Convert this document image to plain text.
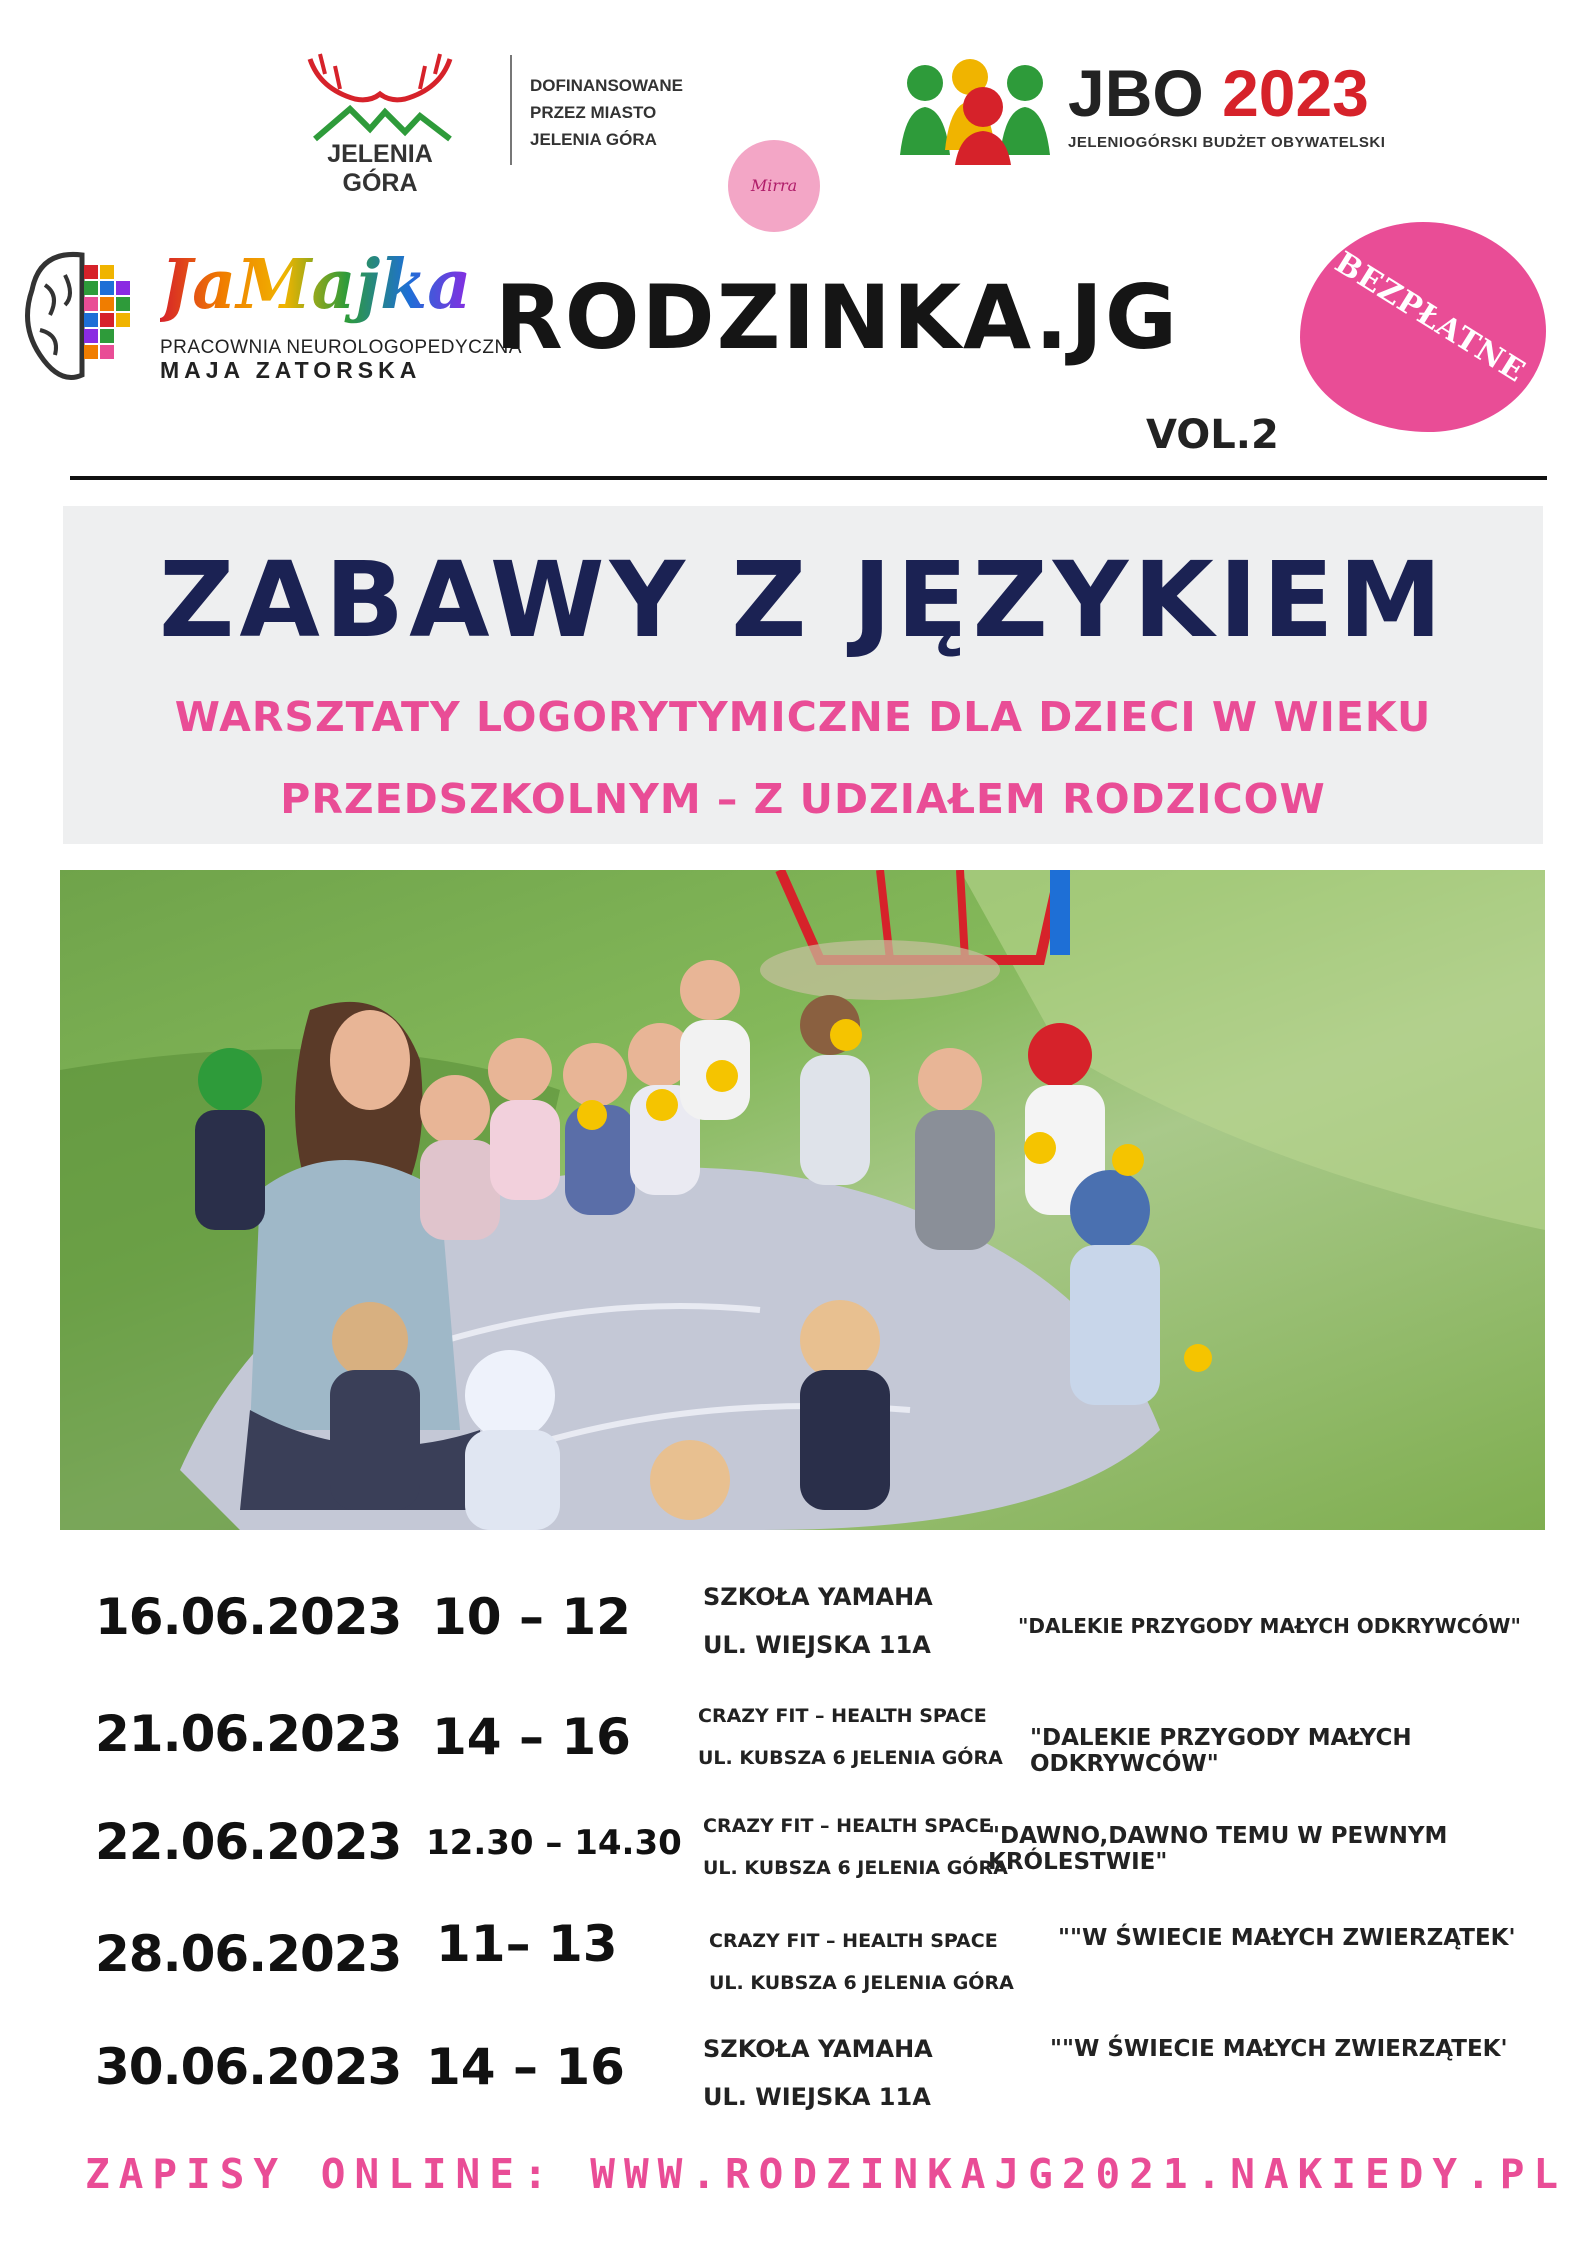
JELENIA GÓRA
DOFINANSOWANE
PRZEZ MIASTO
JELENIA GÓRA
Mirra
JBO 2023
JELENIOGÓRSKI BUDŻET OBYWATELSKI
JaMajka
PRACOWNIA NEUROLOGOPEDYCZNA
MAJA ZATORSKA
RODZINKA.JG
VOL.2
BEZPŁATNE
ZABAWY Z JĘZYKIEM
WARSZTATY LOGORYTYMICZNE DLA DZIECI W WIEKU
PRZEDSZKOLNYM – Z UDZIAŁEM RODZICOW
16.06.2023 10 – 12	SZKOŁA YAMAHA
UL. WIEJSKA 11A
"DALEKIE PRZYGODY MAŁYCH ODKRYWCÓW"
21.06.2023 14 – 16	CRAZY FIT – HEALTH SPACE
UL. KUBSZA 6 JELENIA GÓRA
"DALEKIE PRZYGODY MAŁYCH ODKRYWCÓW"
22.06.2023 12.30 – 14.30 CRAZY FIT – HEALTH SPACE
UL. KUBSZA 6 JELENIA GÓRA
"DAWNO,DAWNO TEMU W PEWNYM KRÓLESTWIE"
28.06.2023 11– 13	CRAZY FIT – HEALTH SPACE
UL. KUBSZA 6 JELENIA GÓRA
""W ŚWIECIE MAŁYCH ZWIERZĄTEK'
30.06.2023 14 – 16	SZKOŁA YAMAHA
UL. WIEJSKA 11A
""W ŚWIECIE MAŁYCH ZWIERZĄTEK'
ZAPISY ONLINE: WWW.RODZINKAJG2021.NAKIEDY.PL
